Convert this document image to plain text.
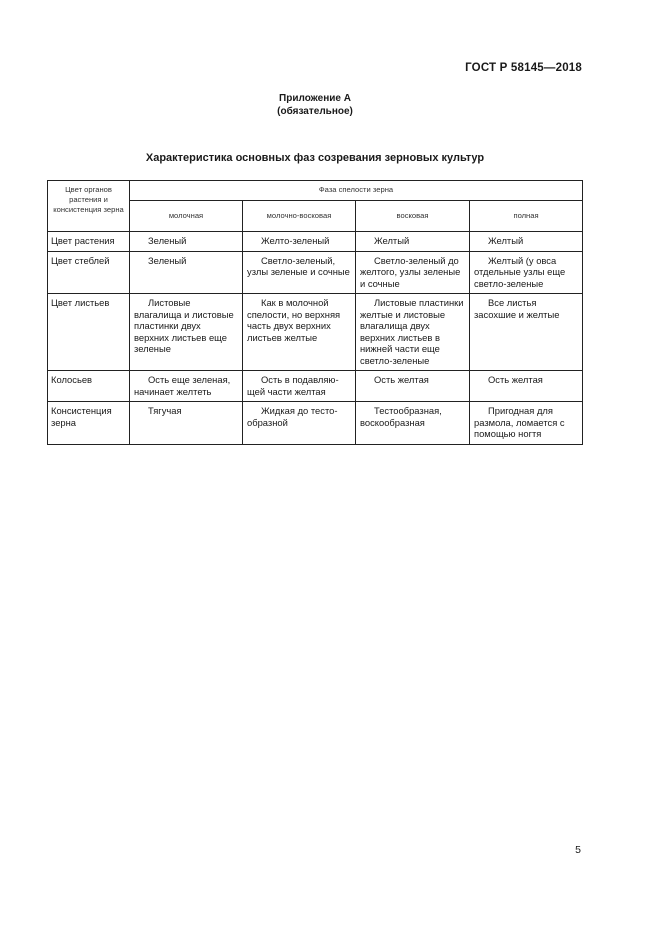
ГОСТ Р 58145—2018
Приложение А
(обязательное)
Характеристика основных фаз созревания зерновых культур
Цвет органов растения и консистенция зерна	Фаза спелости зерна			
	молочная	молочно-восковая	восковая	полная
Цвет растения	Зеленый	Желто-зеленый	Желтый	Желтый
Цвет стеблей	Зеленый	Светло-зеленый, узлы зеленые и сочные	Светло-зеленый до желтого, узлы зеленые и сочные	Желтый (у овса отдельные узлы еще светло-зеленые
Цвет листьев	Листовые влагалища и листовые пластинки двух верхних листьев еще зеленые	Как в молочной спелости, но верхняя часть двух верхних листьев желтые	Листовые пластинки желтые и листовые влагалища двух верхних листьев в нижней части еще светло-зеленые	Все листья засохшие и желтые
Колосьев	Ость еще зеленая, начинает желтеть	Ость в подавляю-щей части желтая	Ость желтая	Ость желтая
Консистенция зерна	Тягучая	Жидкая до тесто-образной	Тестообразная, воскообразная	Пригодная для размола, ломается с помощью ногтя
5
